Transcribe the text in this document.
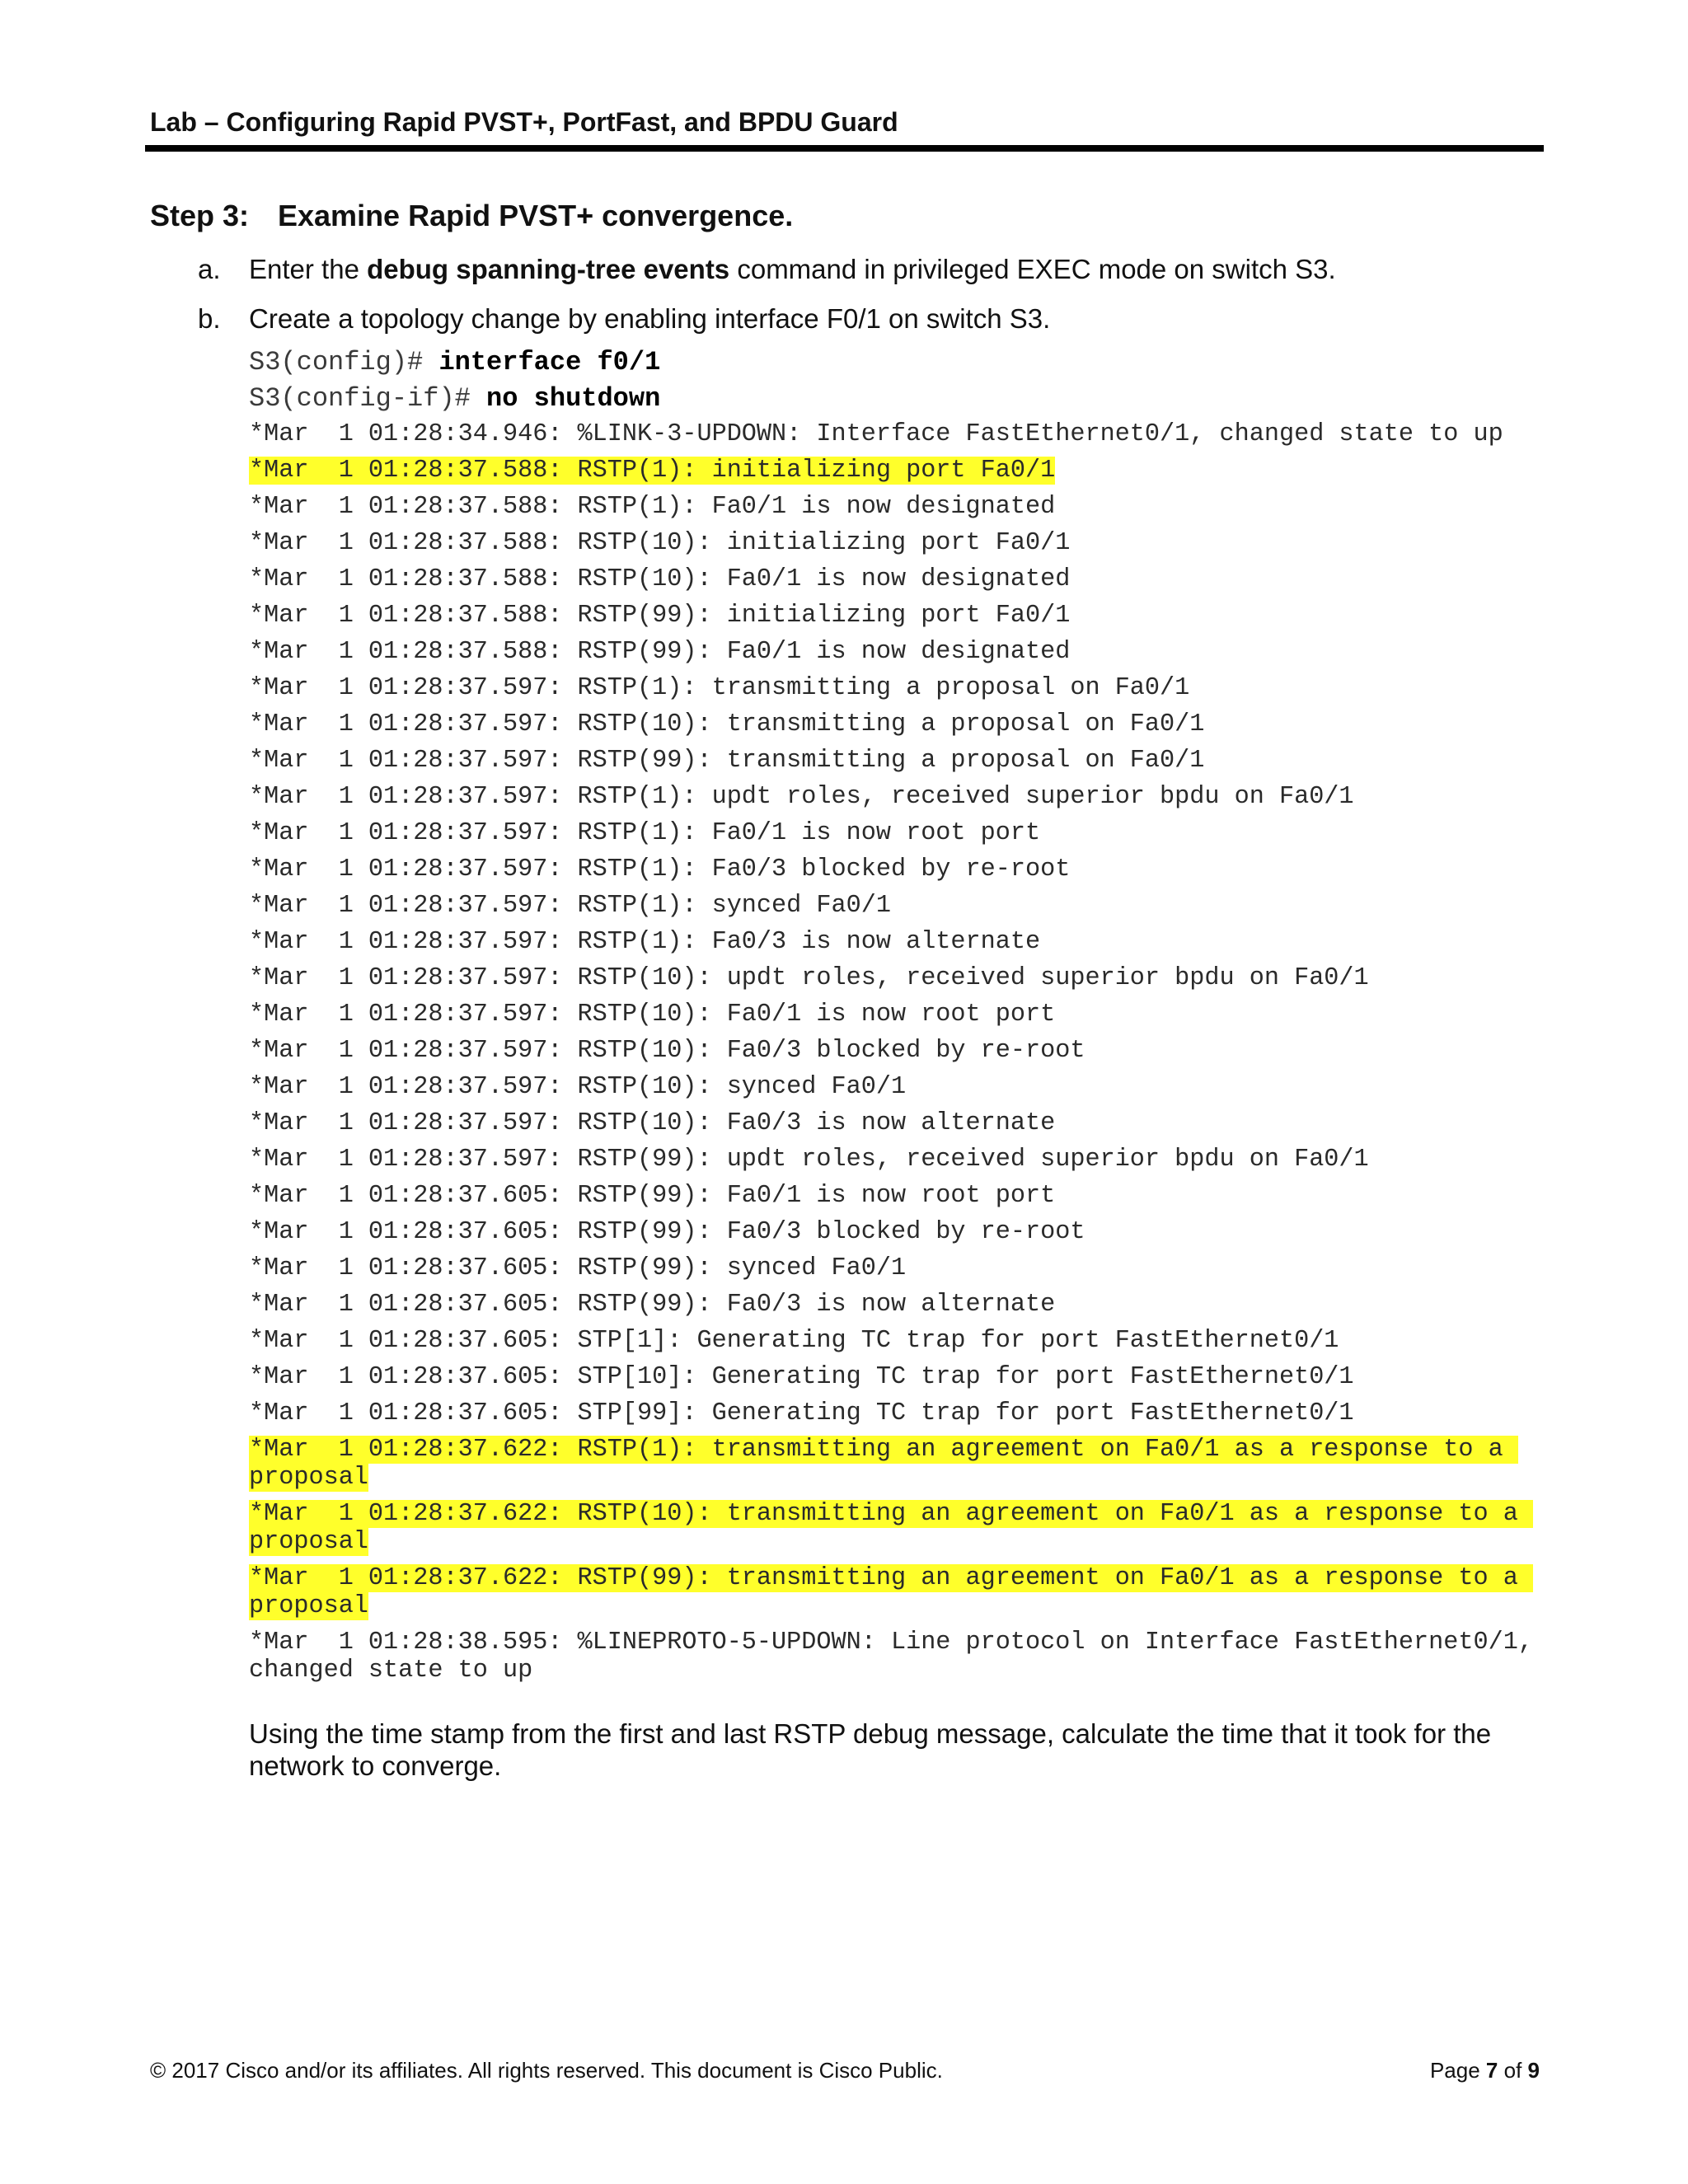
Lab – Configuring Rapid PVST+, PortFast, and BPDU Guard
Step 3: Examine Rapid PVST+ convergence.
a. Enter the debug spanning-tree events command in privileged EXEC mode on switch S3.
b. Create a topology change by enabling interface F0/1 on switch S3.
S3(config)# interface f0/1
S3(config-if)# no shutdown
*Mar  1 01:28:34.946: %LINK-3-UPDOWN: Interface FastEthernet0/1, changed state to up
*Mar  1 01:28:37.588: RSTP(1): initializing port Fa0/1
*Mar  1 01:28:37.588: RSTP(1): Fa0/1 is now designated
*Mar  1 01:28:37.588: RSTP(10): initializing port Fa0/1
*Mar  1 01:28:37.588: RSTP(10): Fa0/1 is now designated
*Mar  1 01:28:37.588: RSTP(99): initializing port Fa0/1
*Mar  1 01:28:37.588: RSTP(99): Fa0/1 is now designated
*Mar  1 01:28:37.597: RSTP(1): transmitting a proposal on Fa0/1
*Mar  1 01:28:37.597: RSTP(10): transmitting a proposal on Fa0/1
*Mar  1 01:28:37.597: RSTP(99): transmitting a proposal on Fa0/1
*Mar  1 01:28:37.597: RSTP(1): updt roles, received superior bpdu on Fa0/1
*Mar  1 01:28:37.597: RSTP(1): Fa0/1 is now root port
*Mar  1 01:28:37.597: RSTP(1): Fa0/3 blocked by re-root
*Mar  1 01:28:37.597: RSTP(1): synced Fa0/1
*Mar  1 01:28:37.597: RSTP(1): Fa0/3 is now alternate
*Mar  1 01:28:37.597: RSTP(10): updt roles, received superior bpdu on Fa0/1
*Mar  1 01:28:37.597: RSTP(10): Fa0/1 is now root port
*Mar  1 01:28:37.597: RSTP(10): Fa0/3 blocked by re-root
*Mar  1 01:28:37.597: RSTP(10): synced Fa0/1
*Mar  1 01:28:37.597: RSTP(10): Fa0/3 is now alternate
*Mar  1 01:28:37.597: RSTP(99): updt roles, received superior bpdu on Fa0/1
*Mar  1 01:28:37.605: RSTP(99): Fa0/1 is now root port
*Mar  1 01:28:37.605: RSTP(99): Fa0/3 blocked by re-root
*Mar  1 01:28:37.605: RSTP(99): synced Fa0/1
*Mar  1 01:28:37.605: RSTP(99): Fa0/3 is now alternate
*Mar  1 01:28:37.605: STP[1]: Generating TC trap for port FastEthernet0/1
*Mar  1 01:28:37.605: STP[10]: Generating TC trap for port FastEthernet0/1
*Mar  1 01:28:37.605: STP[99]: Generating TC trap for port FastEthernet0/1
*Mar  1 01:28:37.622: RSTP(1): transmitting an agreement on Fa0/1 as a response to a proposal
*Mar  1 01:28:37.622: RSTP(10): transmitting an agreement on Fa0/1 as a response to a proposal
*Mar  1 01:28:37.622: RSTP(99): transmitting an agreement on Fa0/1 as a response to a proposal
*Mar  1 01:28:38.595: %LINEPROTO-5-UPDOWN: Line protocol on Interface FastEthernet0/1, changed state to up
Using the time stamp from the first and last RSTP debug message, calculate the time that it took for the network to converge.
© 2017 Cisco and/or its affiliates. All rights reserved. This document is Cisco Public.	Page 7 of 9
